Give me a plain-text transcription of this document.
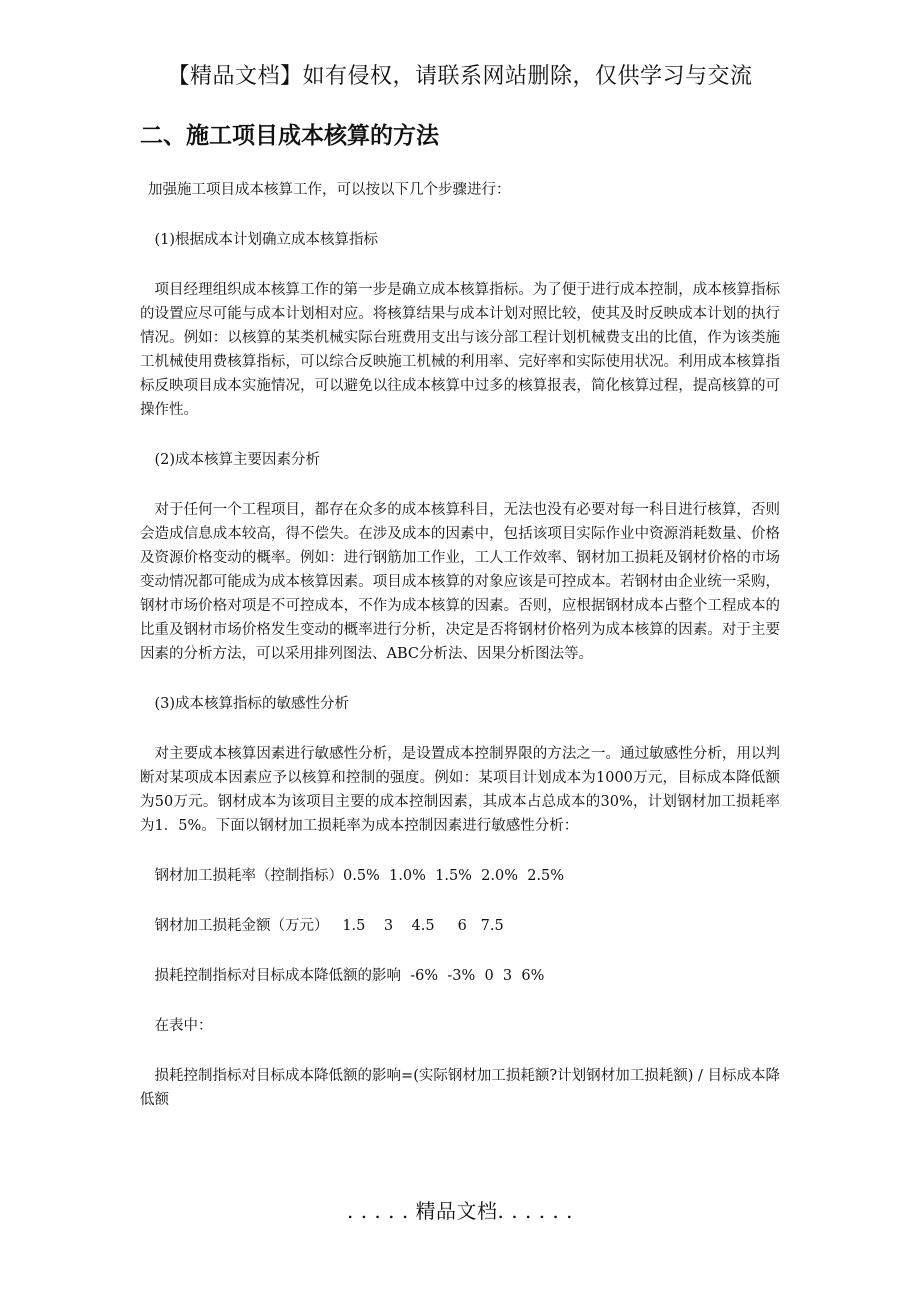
【精品文档】如有侵权，请联系网站删除，仅供学习与交流
二、施工项目成本核算的方法

加强施工项目成本核算工作，可以按以下几个步骤进行：

(1)根据成本计划确立成本核算指标

项目经理组织成本核算工作的第一步是确立成本核算指标。为了便于进行成本控制，成本核算指标的设置应尽可能与成本计划相对应。将核算结果与成本计划对照比较，使其及时反映成本计划的执行情况。例如：以核算的某类机械实际台班费用支出与该分部工程计划机械费支出的比值，作为该类施工机械使用费核算指标，可以综合反映施工机械的利用率、完好率和实际使用状况。利用成本核算指标反映项目成本实施情况，可以避免以往成本核算中过多的核算报表，简化核算过程，提高核算的可操作性。

(2)成本核算主要因素分析

对于任何一个工程项目，都存在众多的成本核算科目，无法也没有必要对每一科目进行核算，否则会造成信息成本较高，得不偿失。在涉及成本的因素中，包括该项目实际作业中资源消耗数量、价格及资源价格变动的概率。例如：进行钢筋加工作业，工人工作效率、钢材加工损耗及钢材价格的市场变动情况都可能成为成本核算因素。项目成本核算的对象应该是可控成本。若钢材由企业统一采购，钢材市场价格对项是不可控成本，不作为成本核算的因素。否则，应根据钢材成本占整个工程成本的比重及钢材市场价格发生变动的概率进行分析，决定是否将钢材价格列为成本核算的因素。对于主要因素的分析方法，可以采用排列图法、ABC分析法、因果分析图法等。

(3)成本核算指标的敏感性分析

对主要成本核算因素进行敏感性分析，是设置成本控制界限的方法之一。通过敏感性分析，用以判断对某项成本因素应予以核算和控制的强度。例如：某项目计划成本为1000万元，目标成本降低额为50万元。钢材成本为该项目主要的成本控制因素，其成本占总成本的30%，计划钢材加工损耗率为1．5%。下面以钢材加工损耗率为成本控制因素进行敏感性分析：

钢材加工损耗率（控制指标）0.5%  1.0%  1.5%  2.0%  2.5%

钢材加工损耗金额（万元）   1.5    3    4.5     6   7.5

损耗控制指标对目标成本降低额的影响  -6%  -3%  0  3  6%

在表中：

损耗控制指标对目标成本降低额的影响=(实际钢材加工损耗额?计划钢材加工损耗额) / 目标成本降低额

. . . . . 精品文档. . . . . .
